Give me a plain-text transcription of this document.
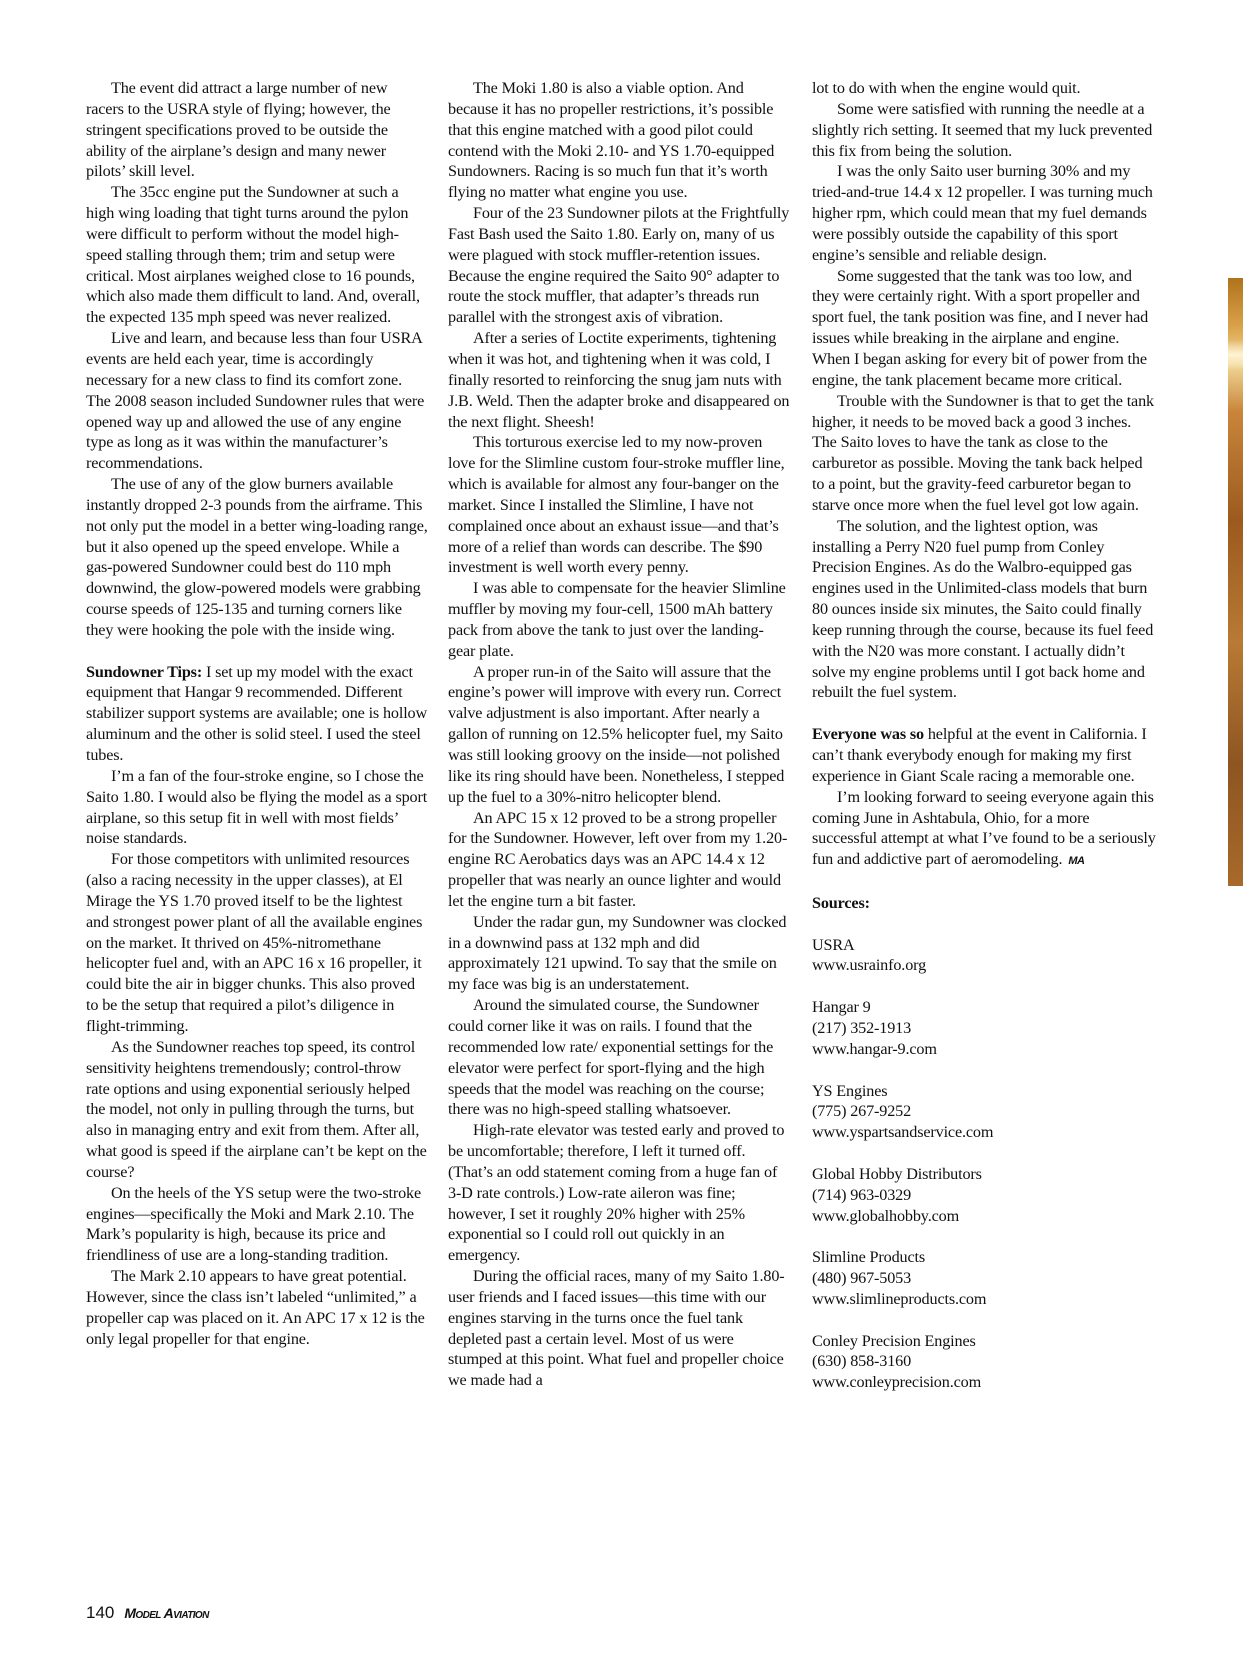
The event did attract a large number of new racers to the USRA style of flying; however, the stringent specifications proved to be outside the ability of the airplane’s design and many newer pilots’ skill level.

The 35cc engine put the Sundowner at such a high wing loading that tight turns around the pylon were difficult to perform without the model high-speed stalling through them; trim and setup were critical. Most airplanes weighed close to 16 pounds, which also made them difficult to land. And, overall, the expected 135 mph speed was never realized.

Live and learn, and because less than four USRA events are held each year, time is accordingly necessary for a new class to find its comfort zone. The 2008 season included Sundowner rules that were opened way up and allowed the use of any engine type as long as it was within the manufacturer’s recommendations.

The use of any of the glow burners available instantly dropped 2-3 pounds from the airframe. This not only put the model in a better wing-loading range, but it also opened up the speed envelope. While a gas-powered Sundowner could best do 110 mph downwind, the glow-powered models were grabbing course speeds of 125-135 and turning corners like they were hooking the pole with the inside wing.

Sundowner Tips: I set up my model with the exact equipment that Hangar 9 recommended. Different stabilizer support systems are available; one is hollow aluminum and the other is solid steel. I used the steel tubes.

I’m a fan of the four-stroke engine, so I chose the Saito 1.80. I would also be flying the model as a sport airplane, so this setup fit in well with most fields’ noise standards.

For those competitors with unlimited resources (also a racing necessity in the upper classes), at El Mirage the YS 1.70 proved itself to be the lightest and strongest power plant of all the available engines on the market. It thrived on 45%-nitromethane helicopter fuel and, with an APC 16 x 16 propeller, it could bite the air in bigger chunks. This also proved to be the setup that required a pilot’s diligence in flight-trimming.

As the Sundowner reaches top speed, its control sensitivity heightens tremendously; control-throw rate options and using exponential seriously helped the model, not only in pulling through the turns, but also in managing entry and exit from them. After all, what good is speed if the airplane can’t be kept on the course?

On the heels of the YS setup were the two-stroke engines—specifically the Moki and Mark 2.10. The Mark’s popularity is high, because its price and friendliness of use are a long-standing tradition.

The Mark 2.10 appears to have great potential. However, since the class isn’t labeled “unlimited,” a propeller cap was placed on it. An APC 17 x 12 is the only legal propeller for that engine.

The Moki 1.80 is also a viable option. And because it has no propeller restrictions, it’s possible that this engine matched with a good pilot could contend with the Moki 2.10- and YS 1.70-equipped Sundowners. Racing is so much fun that it’s worth flying no matter what engine you use.

Four of the 23 Sundowner pilots at the Frightfully Fast Bash used the Saito 1.80. Early on, many of us were plagued with stock muffler-retention issues. Because the engine required the Saito 90° adapter to route the stock muffler, that adapter’s threads run parallel with the strongest axis of vibration.

After a series of Loctite experiments, tightening when it was hot, and tightening when it was cold, I finally resorted to reinforcing the snug jam nuts with J.B. Weld. Then the adapter broke and disappeared on the next flight. Sheesh!

This torturous exercise led to my now-proven love for the Slimline custom four-stroke muffler line, which is available for almost any four-banger on the market. Since I installed the Slimline, I have not complained once about an exhaust issue—and that’s more of a relief than words can describe. The $90 investment is well worth every penny.

I was able to compensate for the heavier Slimline muffler by moving my four-cell, 1500 mAh battery pack from above the tank to just over the landing-gear plate.

A proper run-in of the Saito will assure that the engine’s power will improve with every run. Correct valve adjustment is also important. After nearly a gallon of running on 12.5% helicopter fuel, my Saito was still looking groovy on the inside—not polished like its ring should have been. Nonetheless, I stepped up the fuel to a 30%-nitro helicopter blend.

An APC 15 x 12 proved to be a strong propeller for the Sundowner. However, left over from my 1.20-engine RC Aerobatics days was an APC 14.4 x 12 propeller that was nearly an ounce lighter and would let the engine turn a bit faster.

Under the radar gun, my Sundowner was clocked in a downwind pass at 132 mph and did approximately 121 upwind. To say that the smile on my face was big is an understatement.

Around the simulated course, the Sundowner could corner like it was on rails. I found that the recommended low rate/ exponential settings for the elevator were perfect for sport-flying and the high speeds that the model was reaching on the course; there was no high-speed stalling whatsoever.

High-rate elevator was tested early and proved to be uncomfortable; therefore, I left it turned off. (That’s an odd statement coming from a huge fan of 3-D rate controls.) Low-rate aileron was fine; however, I set it roughly 20% higher with 25% exponential so I could roll out quickly in an emergency.

During the official races, many of my Saito 1.80-user friends and I faced issues—this time with our engines starving in the turns once the fuel tank depleted past a certain level. Most of us were stumped at this point. What fuel and propeller choice we made had a

lot to do with when the engine would quit.

Some were satisfied with running the needle at a slightly rich setting. It seemed that my luck prevented this fix from being the solution.

I was the only Saito user burning 30% and my tried-and-true 14.4 x 12 propeller. I was turning much higher rpm, which could mean that my fuel demands were possibly outside the capability of this sport engine’s sensible and reliable design.

Some suggested that the tank was too low, and they were certainly right. With a sport propeller and sport fuel, the tank position was fine, and I never had issues while breaking in the airplane and engine. When I began asking for every bit of power from the engine, the tank placement became more critical.

Trouble with the Sundowner is that to get the tank higher, it needs to be moved back a good 3 inches. The Saito loves to have the tank as close to the carburetor as possible. Moving the tank back helped to a point, but the gravity-feed carburetor began to starve once more when the fuel level got low again.

The solution, and the lightest option, was installing a Perry N20 fuel pump from Conley Precision Engines. As do the Walbro-equipped gas engines used in the Unlimited-class models that burn 80 ounces inside six minutes, the Saito could finally keep running through the course, because its fuel feed with the N20 was more constant. I actually didn’t solve my engine problems until I got back home and rebuilt the fuel system.

Everyone was so helpful at the event in California. I can’t thank everybody enough for making my first experience in Giant Scale racing a memorable one.

I’m looking forward to seeing everyone again this coming June in Ashtabula, Ohio, for a more successful attempt at what I’ve found to be a seriously fun and addictive part of aeromodeling. MA

Sources:

USRA

www.usrainfo.org

Hangar 9

(217) 352-1913

www.hangar-9.com

YS Engines

(775) 267-9252

www.yspartsandservice.com

Global Hobby Distributors

(714) 963-0329

www.globalhobby.com

Slimline Products

(480) 967-5053

www.slimlineproducts.com

Conley Precision Engines

(630) 858-3160

www.conleyprecision.com

140 Model Aviation
